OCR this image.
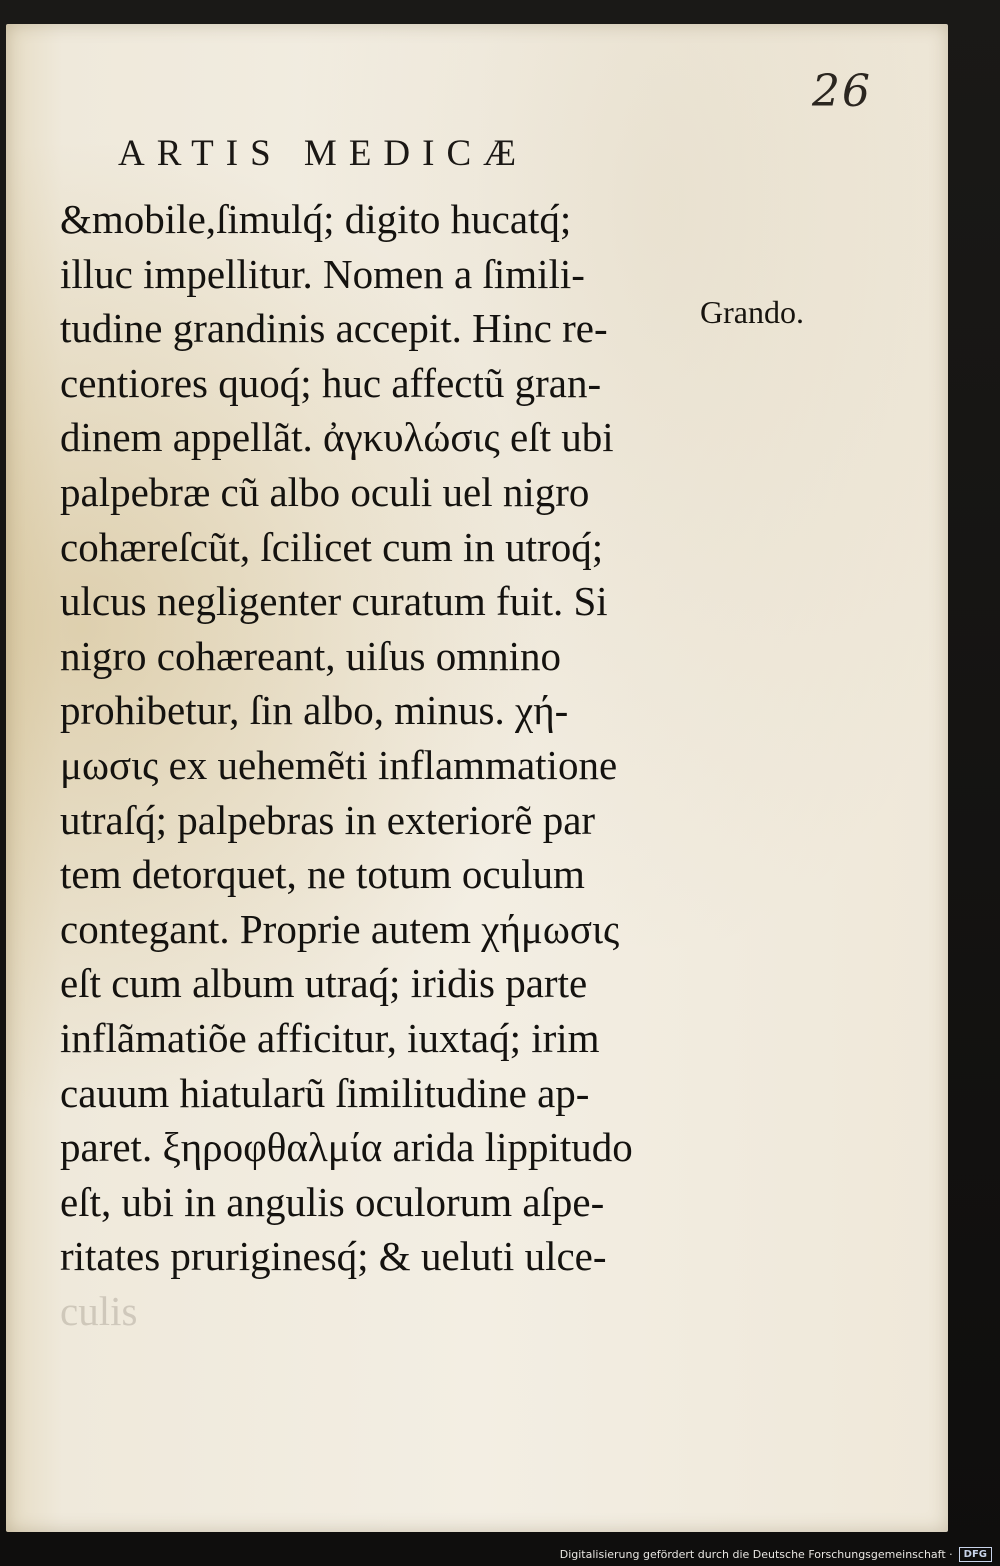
26
ARTIS MEDICÆ
&mobile,ſimulq́; digito hucatq́;
illuc impellitur. Nomen a ſimili-
tudine grandinis accepit. Hinc re-
centiores quoq́; huc affectũ gran-
dinem appellãt. ἀγκυλώσις eſt ubi
palpebræ cũ albo oculi uel nigro
cohæreſcũt, ſcilicet cum in utroq́;
ulcus negligenter curatum fuit. Si
nigro cohæreant, uiſus omnino
prohibetur, ſin albo, minus. χή-
μωσις ex uehemẽti inflammatione
utraſq́; palpebras in exteriorẽ par
tem detorquet, ne totum oculum
contegant. Proprie autem χήμωσις
eſt cum album utraq́; iridis parte
inflãmatiõe afficitur, iuxtaq́; irim
cauum hiatularũ ſimilitudine ap-
paret. ξηροφθαλμία arida lippitudo
eſt, ubi in angulis oculorum aſpe-
ritates pruriginesq́; & ueluti ulce-
culis
Grando.
Digitalisierung gefördert durch die Deutsche Forschungsgemeinschaft ·	DFG
